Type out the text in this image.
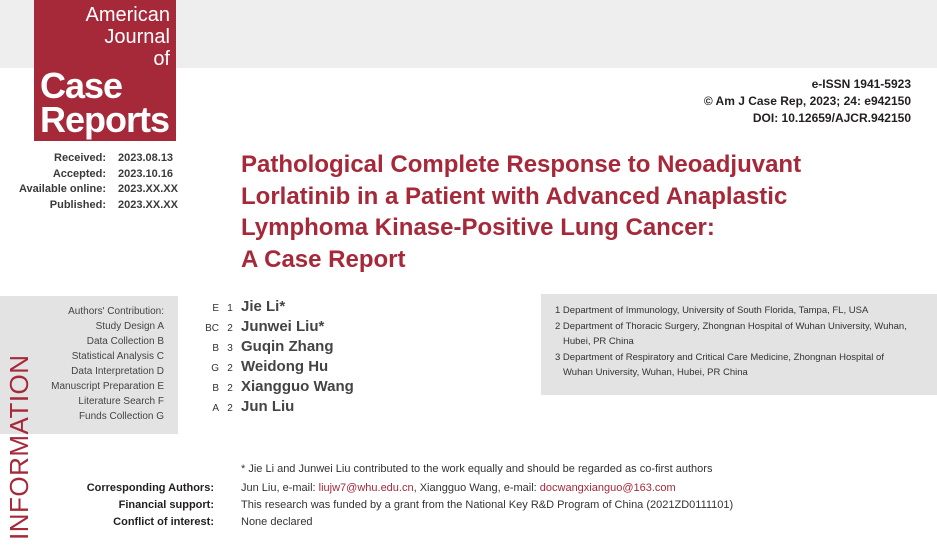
American
Journal
of
Case
Reports
e-ISSN 1941-5923
© Am J Case Rep, 2023; 24: e942150
DOI: 10.12659/AJCR.942150
Received:	2023.08.13
Accepted:	2023.10.16
Available online:	2023.XX.XX
Published:	2023.XX.XX
Pathological Complete Response to Neoadjuvant
Lorlatinib in a Patient with Advanced Anaplastic
Lymphoma Kinase-Positive Lung Cancer:
A Case Report
Authors' Contribution:
Study Design A
Data Collection B
Statistical Analysis C
Data Interpretation D
Manuscript Preparation E
Literature Search F
Funds Collection G
INFORMATION
E 1 Jie Li*
BC 2 Junwei Liu*
B 3 Guqin Zhang
G 2 Weidong Hu
B 2 Xiangguo Wang
A 2 Jun Liu
1 Department of Immunology, University of South Florida, Tampa, FL, USA
2 Department of Thoracic Surgery, Zhongnan Hospital of Wuhan University, Wuhan,
Hubei, PR China
3 Department of Respiratory and Critical Care Medicine, Zhongnan Hospital of
Wuhan University, Wuhan, Hubei, PR China
* Jie Li and Junwei Liu contributed to the work equally and should be regarded as co-first authors
Corresponding Authors:	Jun Liu, e-mail: liujw7@whu.edu.cn, Xiangguo Wang, e-mail: docwangxianguo@163.com
Financial support:	This research was funded by a grant from the National Key R&D Program of China (2021ZD0111101)
Conflict of interest:	None declared
